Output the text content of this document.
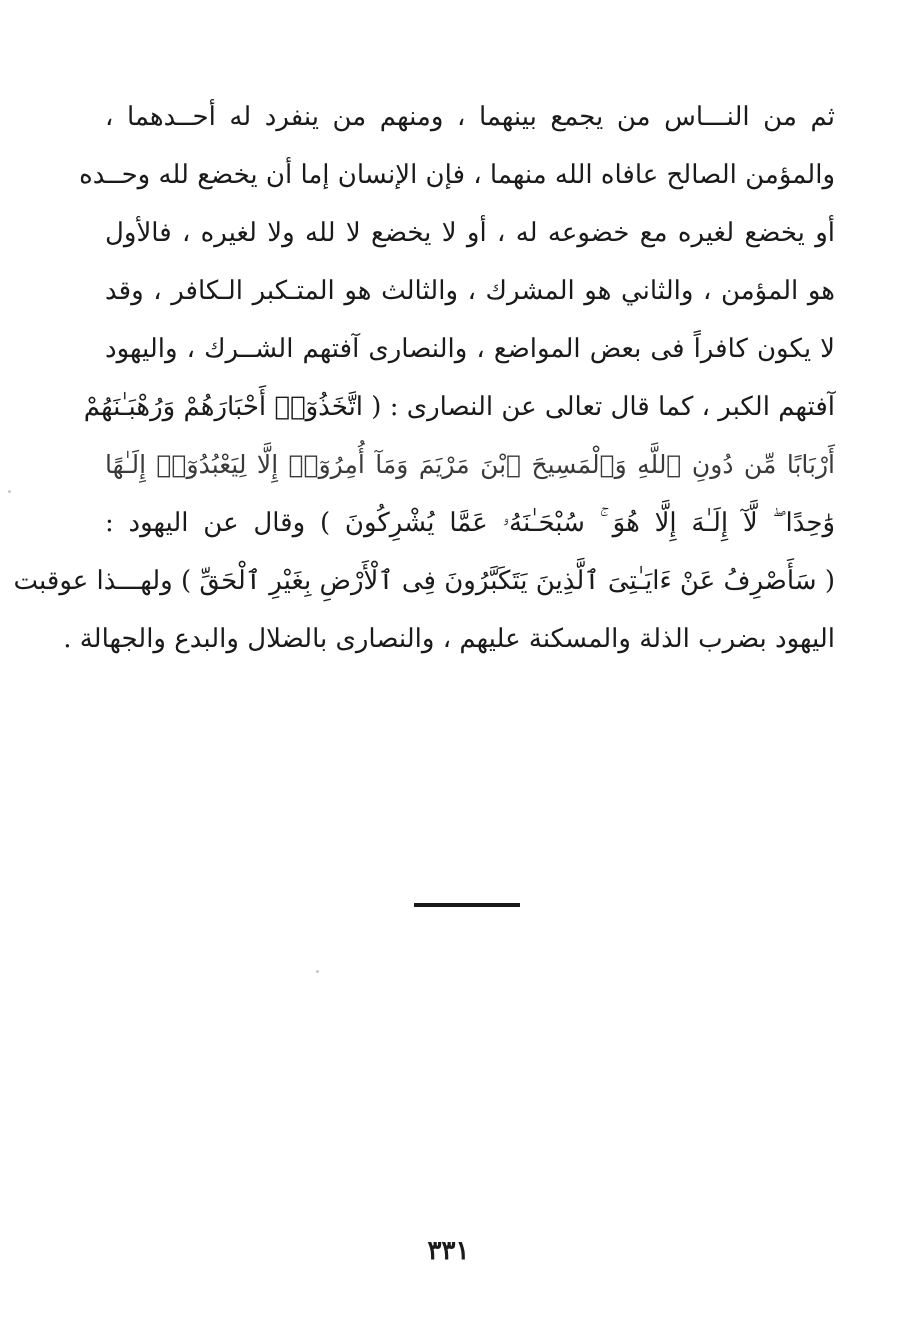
ثم من النـــاس من يجمع بينهما ، ومنهم من ينفرد له أحــدهما ،
والمؤمن الصالح عافاه الله منهما ، فإن الإنسان إما أن يخضع لله وحــده
أو يخضع لغيره مع خضوعه له ، أو لا يخضع لا لله ولا لغيره ، فالأول
هو المؤمن ، والثاني هو المشرك ، والثالث هو المتـكبر الـكافر ، وقد
لا يكون كافراً فى بعض المواضع ، والنصارى آفتهم الشــرك ، واليهود
آفتهم الكبر ، كما قال تعالى عن النصارى : ( اتَّخَذُوٓا۟ أَحْبَارَهُمْ وَرُهْبَـٰنَهُمْ
أَرْبَابًا مِّن دُونِ ٱللَّهِ وَٱلْمَسِيحَ ٱبْنَ مَرْيَمَ وَمَآ أُمِرُوٓا۟ إِلَّا لِيَعْبُدُوٓا۟ إِلَـٰهًا
وَٰحِدًا ۖ لَّآ إِلَـٰهَ إِلَّا هُوَ ۚ سُبْحَـٰنَهُۥ عَمَّا يُشْرِكُونَ ) وقال عن اليهود :
( سَأَصْرِفُ عَنْ ءَايَـٰتِىَ ٱلَّذِينَ يَتَكَبَّرُونَ فِى ٱلْأَرْضِ بِغَيْرِ ٱلْحَقِّ ) ولهـــذا عوقبت
اليهود بضرب الذلة والمسكنة عليهم ، والنصارى بالضلال والبدع والجهالة .
٣٣١
